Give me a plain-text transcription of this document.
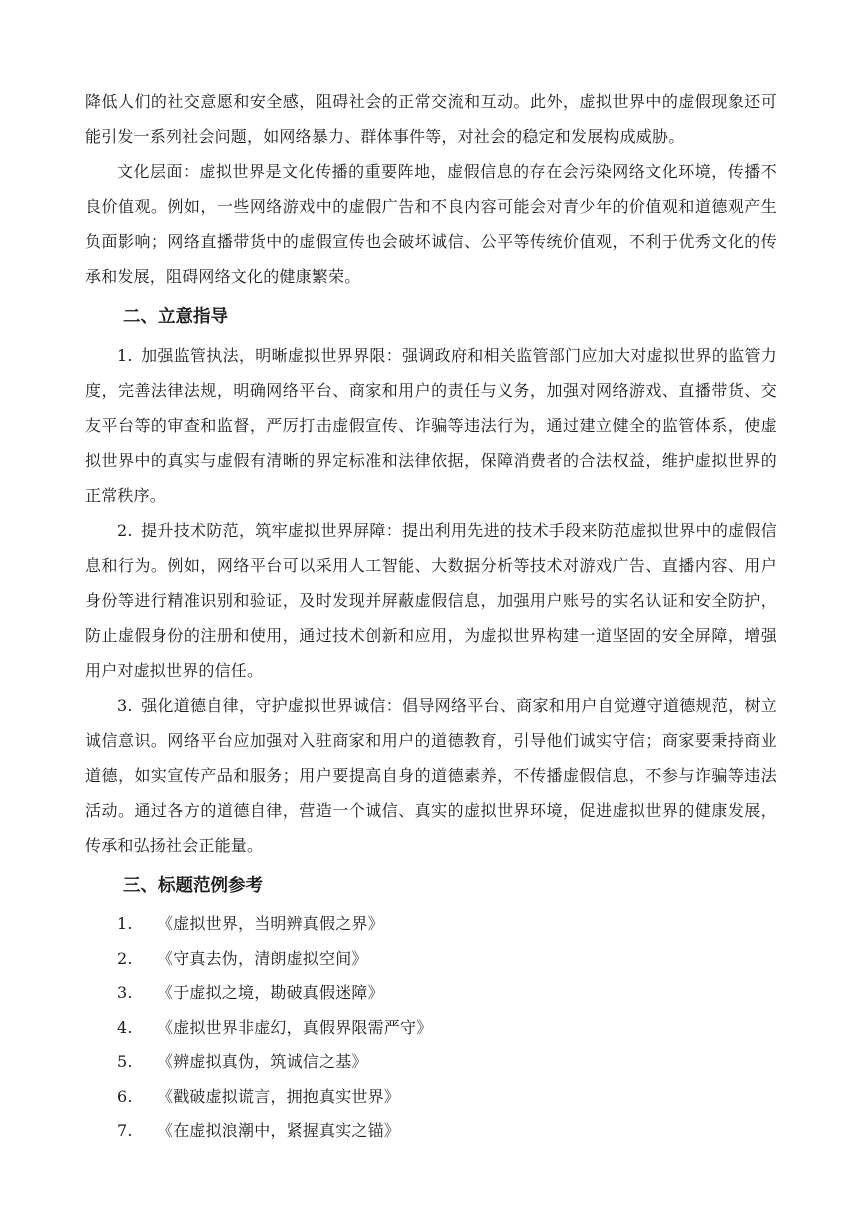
降低人们的社交意愿和安全感，阻碍社会的正常交流和互动。此外，虚拟世界中的虚假现象还可能引发一系列社会问题，如网络暴力、群体事件等，对社会的稳定和发展构成威胁。

文化层面：虚拟世界是文化传播的重要阵地，虚假信息的存在会污染网络文化环境，传播不良价值观。例如，一些网络游戏中的虚假广告和不良内容可能会对青少年的价值观和道德观产生负面影响；网络直播带货中的虚假宣传也会破坏诚信、公平等传统价值观，不利于优秀文化的传承和发展，阻碍网络文化的健康繁荣。

二、立意指导

1. 加强监管执法，明晰虚拟世界界限：强调政府和相关监管部门应加大对虚拟世界的监管力度，完善法律法规，明确网络平台、商家和用户的责任与义务，加强对网络游戏、直播带货、交友平台等的审查和监督，严厉打击虚假宣传、诈骗等违法行为，通过建立健全的监管体系，使虚拟世界中的真实与虚假有清晰的界定标准和法律依据，保障消费者的合法权益，维护虚拟世界的正常秩序。

2. 提升技术防范，筑牢虚拟世界屏障：提出利用先进的技术手段来防范虚拟世界中的虚假信息和行为。例如，网络平台可以采用人工智能、大数据分析等技术对游戏广告、直播内容、用户身份等进行精准识别和验证，及时发现并屏蔽虚假信息，加强用户账号的实名认证和安全防护，防止虚假身份的注册和使用，通过技术创新和应用，为虚拟世界构建一道坚固的安全屏障，增强用户对虚拟世界的信任。

3. 强化道德自律，守护虚拟世界诚信：倡导网络平台、商家和用户自觉遵守道德规范，树立诚信意识。网络平台应加强对入驻商家和用户的道德教育，引导他们诚实守信；商家要秉持商业道德，如实宣传产品和服务；用户要提高自身的道德素养，不传播虚假信息，不参与诈骗等违法活动。通过各方的道德自律，营造一个诚信、真实的虚拟世界环境，促进虚拟世界的健康发展，传承和弘扬社会正能量。

三、标题范例参考
1. 《虚拟世界，当明辨真假之界》
2. 《守真去伪，清朗虚拟空间》
3. 《于虚拟之境，勘破真假迷障》
4. 《虚拟世界非虚幻，真假界限需严守》
5. 《辨虚拟真伪，筑诚信之基》
6. 《戳破虚拟谎言，拥抱真实世界》
7. 《在虚拟浪潮中，紧握真实之锚》
